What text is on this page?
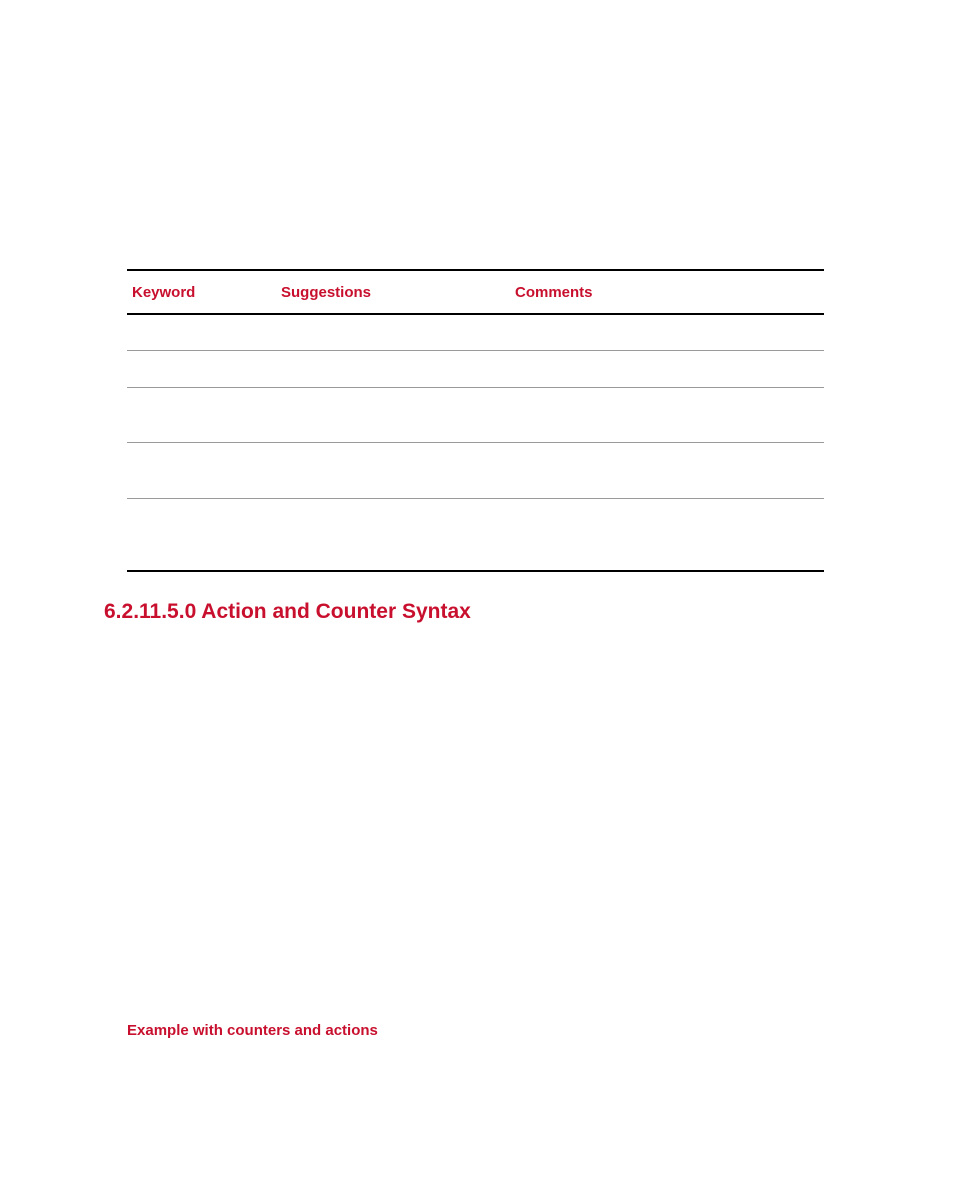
Keyword	Suggestions	Comments

6.2.11.5.0 Action and Counter Syntax
Example with counters and actions
